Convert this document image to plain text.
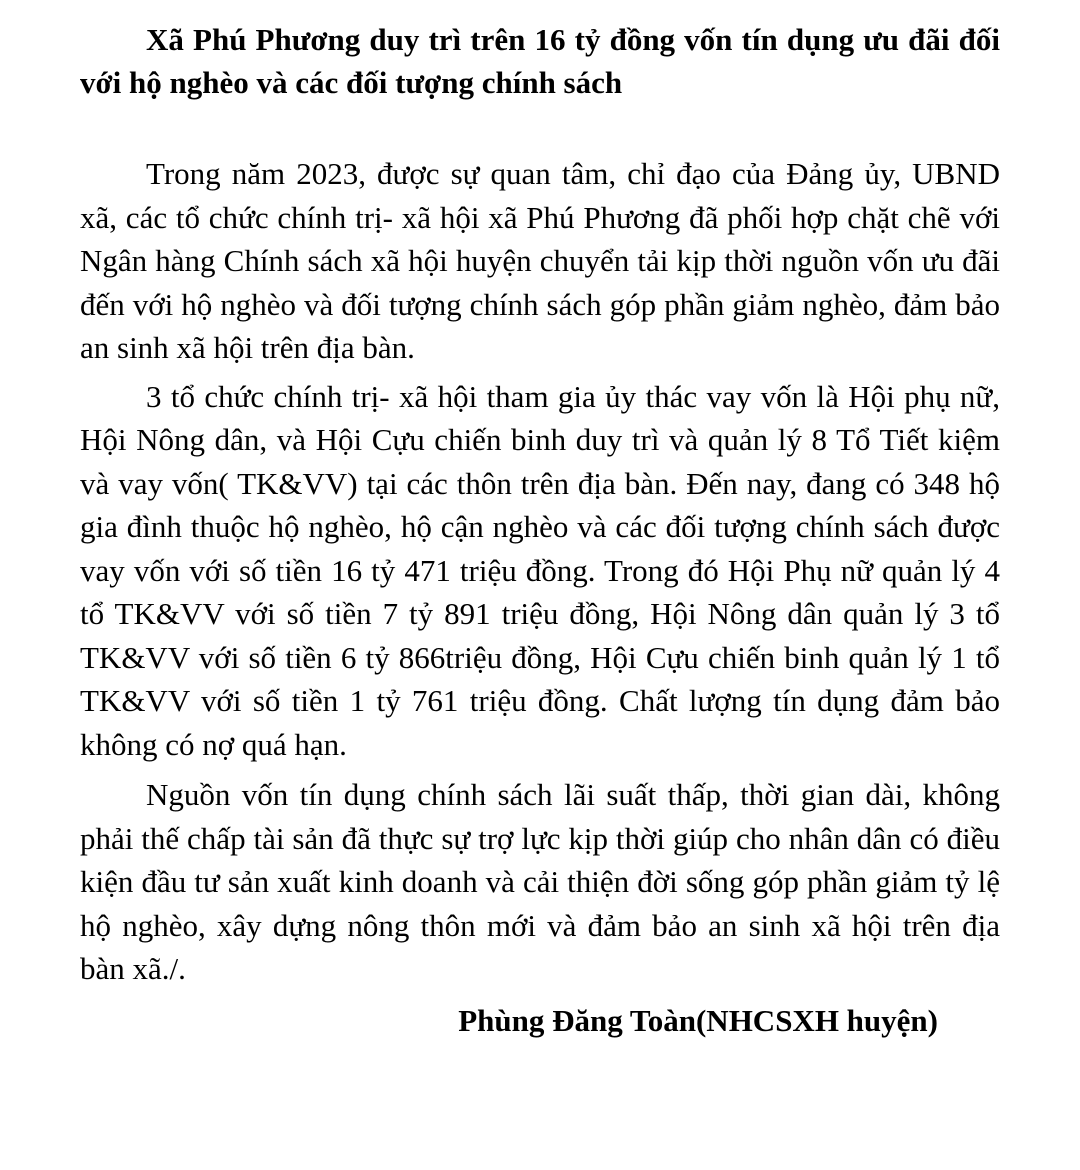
Xã Phú Phương duy trì trên 16 tỷ đồng vốn tín dụng ưu đãi đối với hộ nghèo và các đối tượng chính sách

Trong năm 2023, được sự quan tâm, chỉ đạo của Đảng ủy, UBND xã, các tổ chức chính trị- xã hội xã Phú Phương đã phối hợp chặt chẽ với Ngân hàng Chính sách xã hội huyện chuyển tải kịp thời nguồn vốn ưu đãi đến với hộ nghèo và đối tượng chính sách góp phần giảm nghèo, đảm bảo an sinh xã hội trên địa bàn.

3 tổ chức chính trị- xã hội tham gia ủy thác vay vốn là Hội phụ nữ, Hội Nông dân, và Hội Cựu chiến binh duy trì và quản lý 8 Tổ Tiết kiệm và vay vốn( TK&VV) tại các thôn trên địa bàn. Đến nay, đang có 348 hộ gia đình thuộc hộ nghèo, hộ cận nghèo và các đối tượng chính sách được vay vốn với số tiền 16 tỷ 471 triệu đồng. Trong đó Hội Phụ nữ quản lý 4 tổ TK&VV với số tiền 7 tỷ 891 triệu đồng, Hội Nông dân quản lý 3 tổ TK&VV với số tiền 6 tỷ 866triệu đồng, Hội Cựu chiến binh quản lý 1 tổ TK&VV với số tiền 1 tỷ 761 triệu đồng. Chất lượng tín dụng đảm bảo không có nợ quá hạn.

Nguồn vốn tín dụng chính sách lãi suất thấp, thời gian dài, không phải thế chấp tài sản đã thực sự trợ lực kịp thời giúp cho nhân dân có điều kiện đầu tư sản xuất kinh doanh và cải thiện đời sống góp phần giảm tỷ lệ hộ nghèo, xây dựng nông thôn mới và đảm bảo an sinh xã hội trên địa bàn xã./.

Phùng Đăng Toàn(NHCSXH huyện)
